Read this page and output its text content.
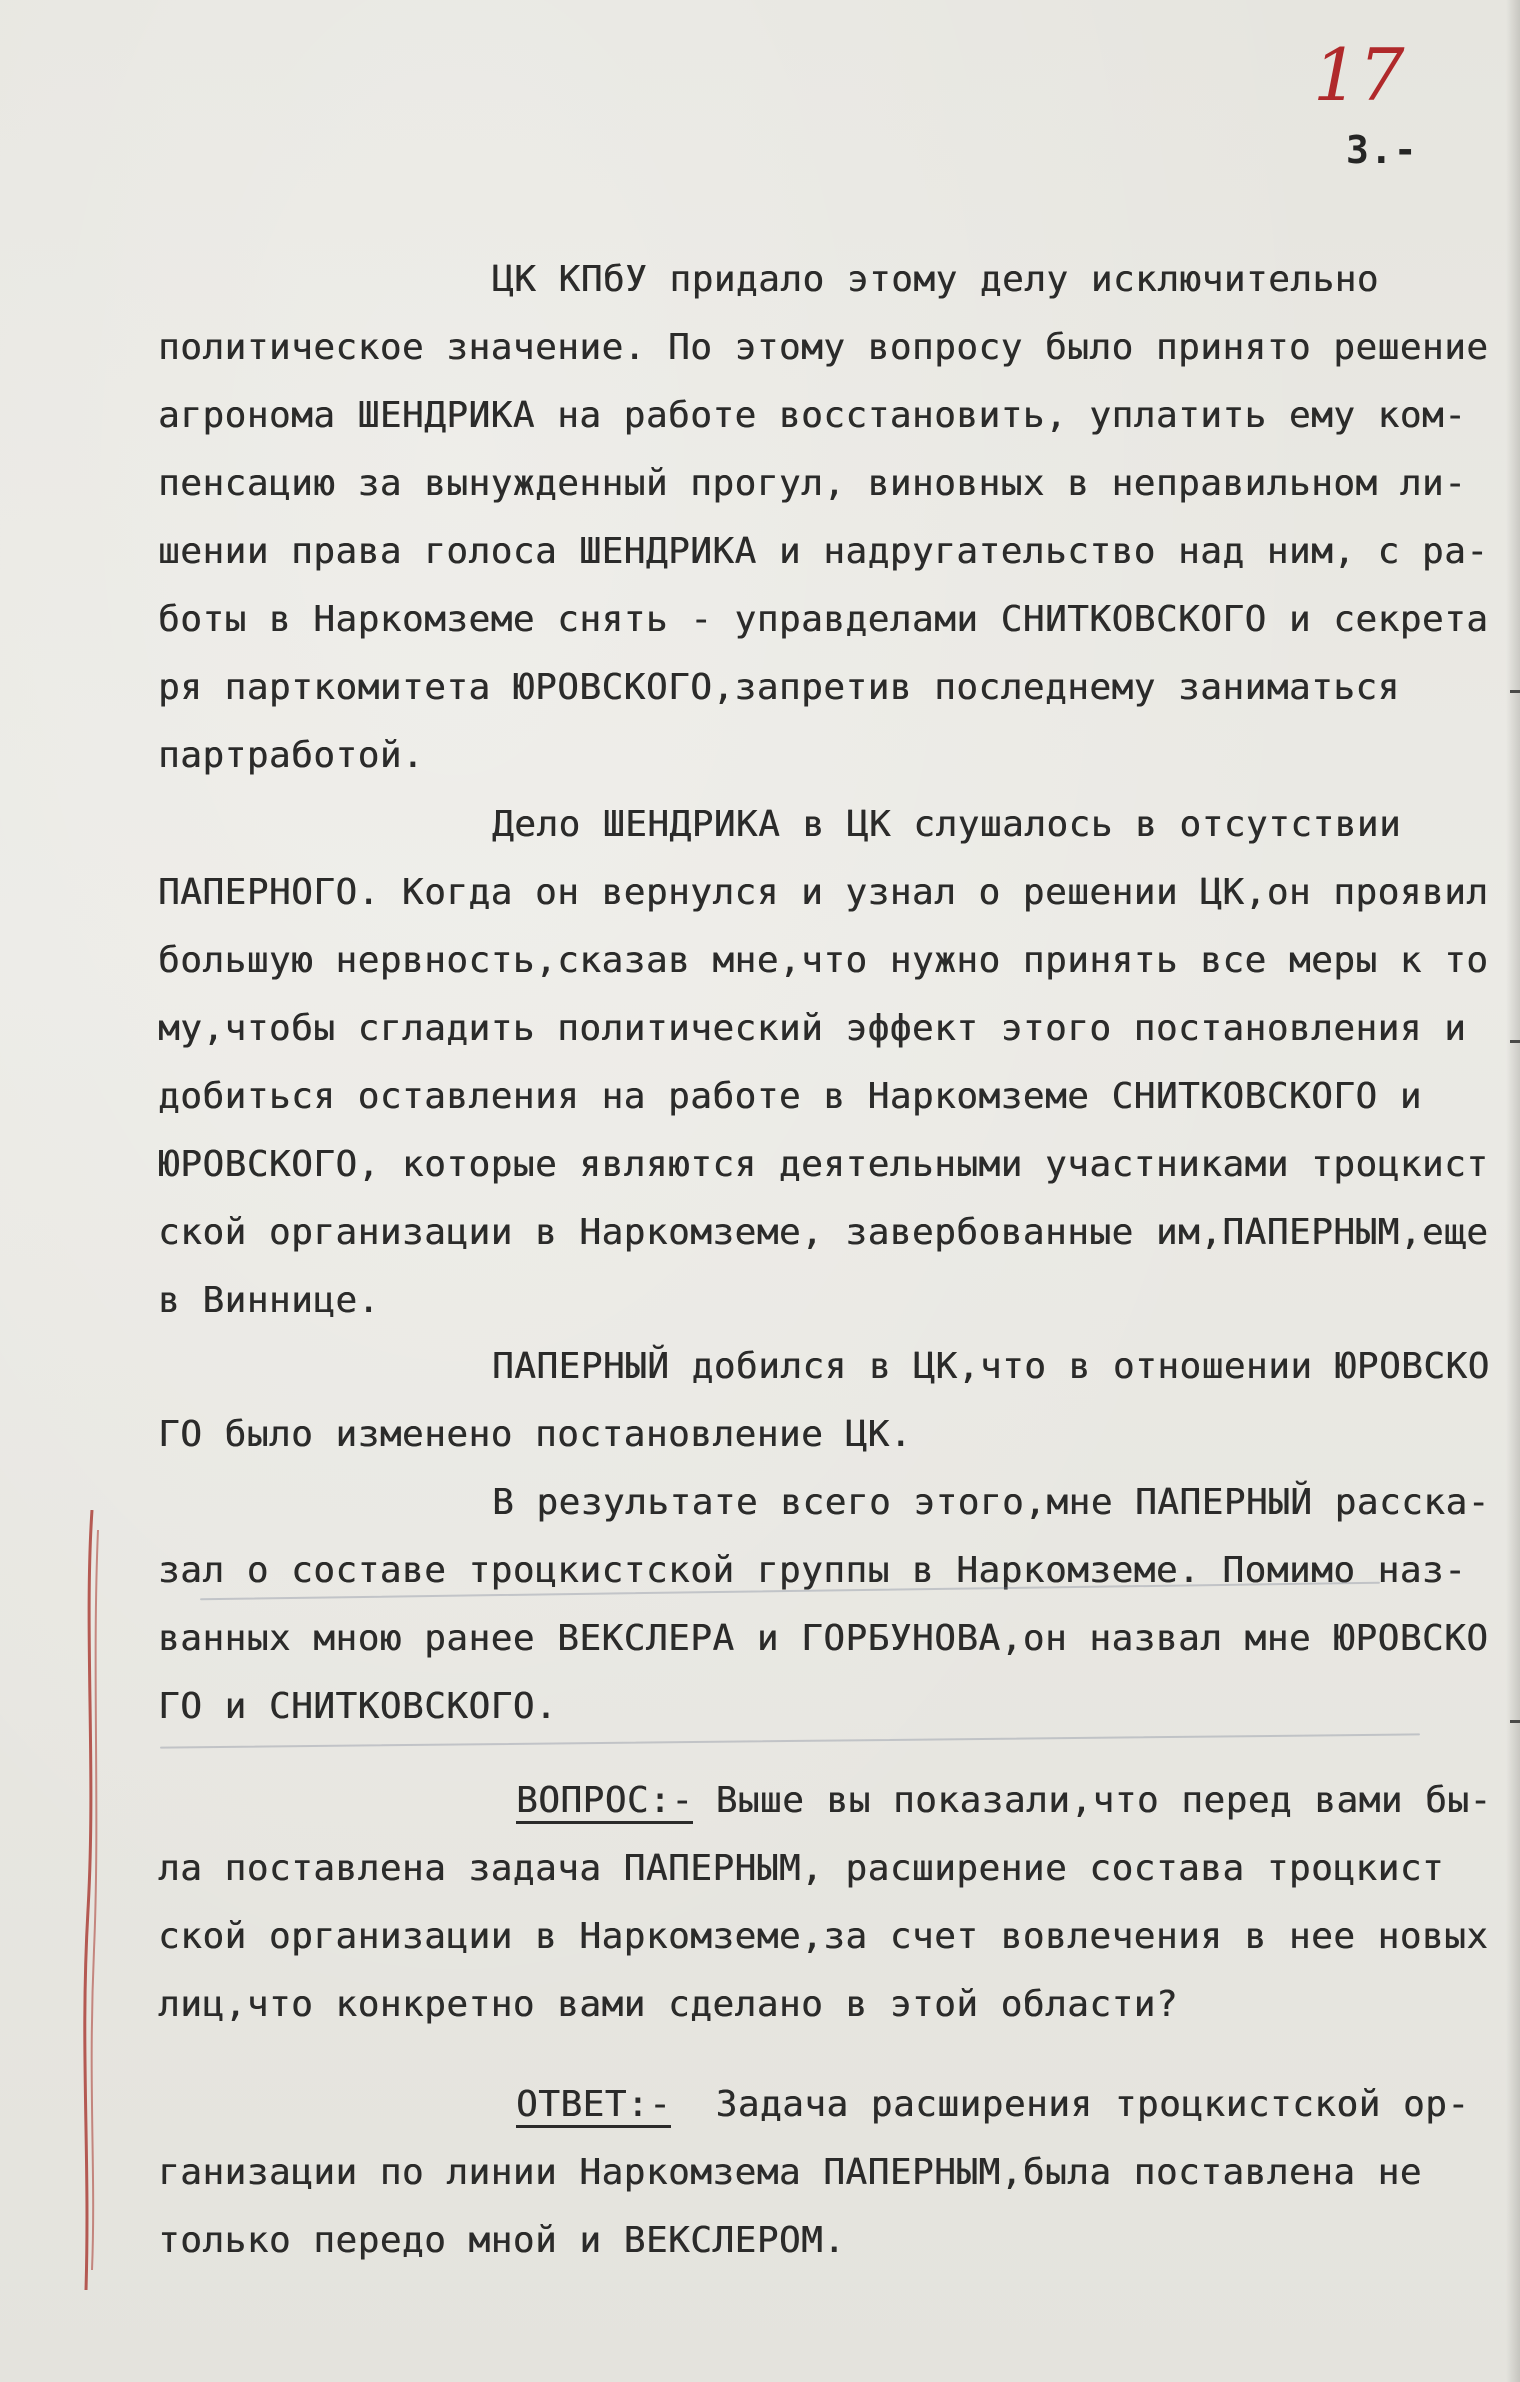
17
3.-
ЦК КПбУ придало этому делу исключительно
политическое значение. По этому вопросу было принято решение
агронома ШЕНДРИКА на работе восстановить, уплатить ему ком-
пенсацию за вынужденный прогул, виновных в неправильном ли-
шении права голоса ШЕНДРИКА и надругательство над ним, с ра-
боты в Наркомземе снять - управделами СНИТКОВСКОГО и секрета
ря парткомитета ЮРОВСКОГО,запретив последнему заниматься
партработой.
Дело ШЕНДРИКА в ЦК слушалось в отсутствии
ПАПЕРНОГО. Когда он вернулся и узнал о решении ЦК,он проявил
большую нервность,сказав мне,что нужно принять все меры к то
му,чтобы сгладить политический эффект этого постановления и
добиться оставления на работе в Наркомземе СНИТКОВСКОГО и
ЮРОВСКОГО, которые являются деятельными участниками троцкист
ской организации в Наркомземе, завербованные им,ПАПЕРНЫМ,еще
в Виннице.
ПАПЕРНЫЙ добился в ЦК,что в отношении ЮРОВСКО
ГО было изменено постановление ЦК.
В результате всего этого,мне ПАПЕРНЫЙ расска-
зал о составе троцкистской группы в Наркомземе. Помимо наз-
ванных мною ранее ВЕКСЛЕРА и ГОРБУНОВА,он назвал мне ЮРОВСКО
ГО и СНИТКОВСКОГО.
ВОПРОС:- Выше вы показали,что перед вами бы-
ла поставлена задача ПАПЕРНЫМ, расширение состава троцкист
ской организации в Наркомземе,за счет вовлечения в нее новых
лиц,что конкретно вами сделано в этой области?
ОТВЕТ:-  Задача расширения троцкистской ор-
ганизации по линии Наркомзема ПАПЕРНЫМ,была поставлена не
только передо мной и ВЕКСЛЕРОМ.
